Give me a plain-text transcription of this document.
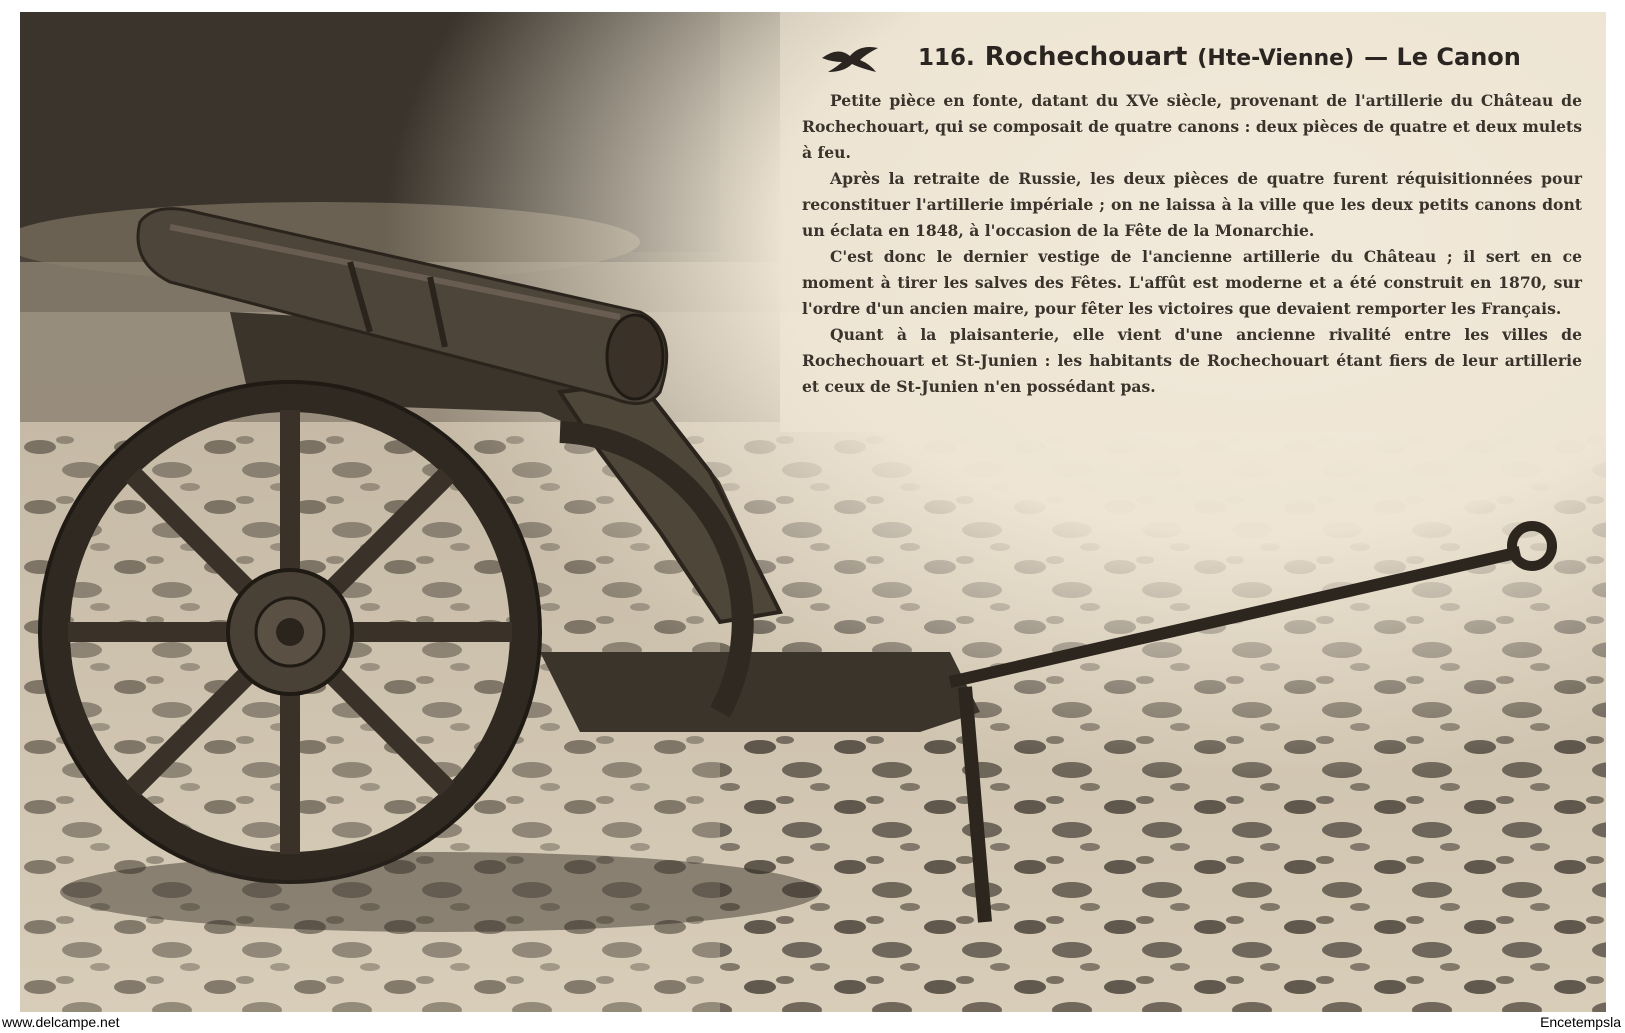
116. Rochechouart (Hte-Vienne) — Le Canon

Petite pièce en fonte, datant du XVe siècle, provenant de l'artillerie du Château de Rochechouart, qui se composait de quatre canons : deux pièces de quatre et deux mulets à feu.

Après la retraite de Russie, les deux pièces de quatre furent réquisitionnées pour reconstituer l'artillerie impériale ; on ne laissa à la ville que les deux petits canons dont un éclata en 1848, à l'occasion de la Fête de la Monarchie.

C'est donc le dernier vestige de l'ancienne artillerie du Château ; il sert en ce moment à tirer les salves des Fêtes. L'affût est moderne et a été construit en 1870, sur l'ordre d'un ancien maire, pour fêter les victoires que devaient remporter les Français.

Quant à la plaisanterie, elle vient d'une ancienne rivalité entre les villes de Rochechouart et St-Junien : les habitants de Rochechouart étant fiers de leur artillerie et ceux de St-Junien n'en possédant pas.

www.delcampe.net	Encetempsla
